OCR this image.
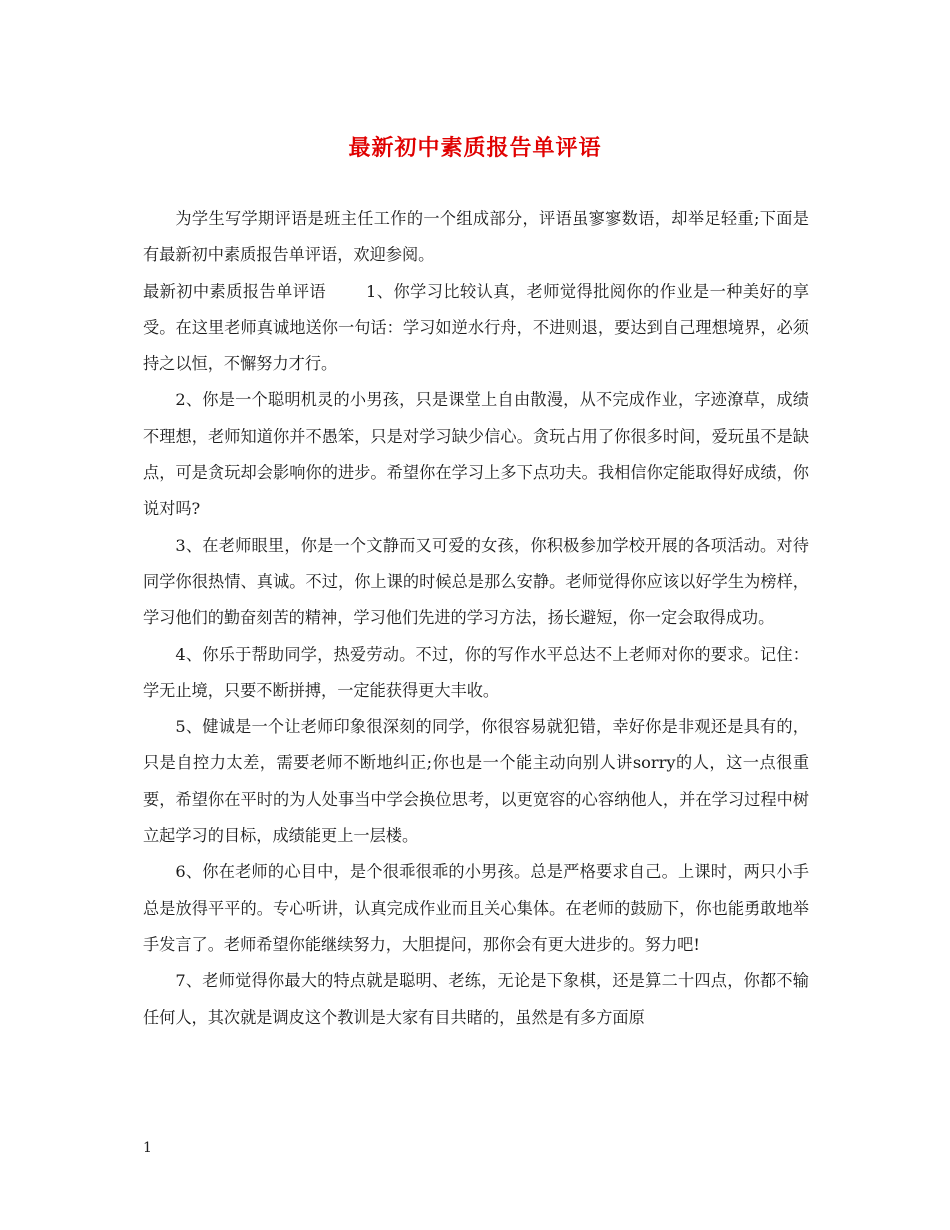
最新初中素质报告单评语

为学生写学期评语是班主任工作的一个组成部分，评语虽寥寥数语，却举足轻重;下面是有最新初中素质报告单评语，欢迎参阅。

最新初中素质报告单评语 1、你学习比较认真，老师觉得批阅你的作业是一种美好的享受。在这里老师真诚地送你一句话：学习如逆水行舟，不进则退，要达到自己理想境界，必须持之以恒，不懈努力才行。

2、你是一个聪明机灵的小男孩，只是课堂上自由散漫，从不完成作业，字迹潦草，成绩不理想，老师知道你并不愚笨，只是对学习缺少信心。贪玩占用了你很多时间，爱玩虽不是缺点，可是贪玩却会影响你的进步。希望你在学习上多下点功夫。我相信你定能取得好成绩，你说对吗?

3、在老师眼里，你是一个文静而又可爱的女孩，你积极参加学校开展的各项活动。对待同学你很热情、真诚。不过，你上课的时候总是那么安静。老师觉得你应该以好学生为榜样，学习他们的勤奋刻苦的精神，学习他们先进的学习方法，扬长避短，你一定会取得成功。

4、你乐于帮助同学，热爱劳动。不过，你的写作水平总达不上老师对你的要求。记住：学无止境，只要不断拼搏，一定能获得更大丰收。

5、健诚是一个让老师印象很深刻的同学，你很容易就犯错，幸好你是非观还是具有的，只是自控力太差，需要老师不断地纠正;你也是一个能主动向别人讲sorry的人，这一点很重要，希望你在平时的为人处事当中学会换位思考，以更宽容的心容纳他人，并在学习过程中树立起学习的目标，成绩能更上一层楼。

6、你在老师的心目中，是个很乖很乖的小男孩。总是严格要求自己。上课时，两只小手总是放得平平的。专心听讲，认真完成作业而且关心集体。在老师的鼓励下，你也能勇敢地举手发言了。老师希望你能继续努力，大胆提问，那你会有更大进步的。努力吧!

7、老师觉得你最大的特点就是聪明、老练，无论是下象棋，还是算二十四点，你都不输任何人，其次就是调皮这个教训是大家有目共睹的，虽然是有多方面原

1
